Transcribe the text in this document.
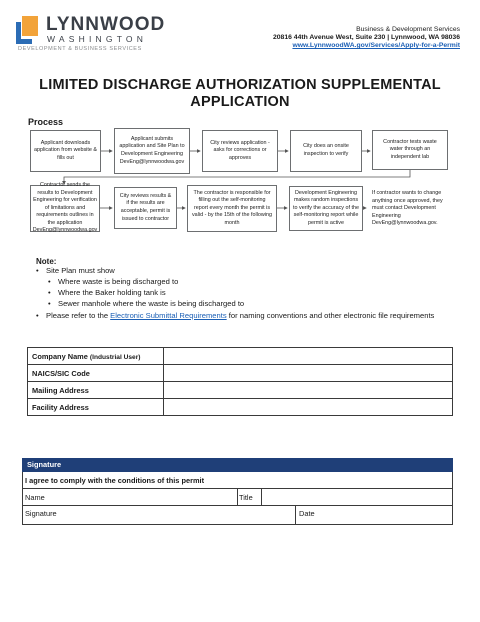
LYNNWOOD
WASHINGTON
DEVELOPMENT & BUSINESS SERVICES
Business & Development Services
20816 44th Avenue West, Suite 230 | Lynnwood, WA 98036
www.LynnwoodWA.gov/Services/Apply-for-a-Permit
LIMITED DISCHARGE AUTHORIZATION SUPPLEMENTAL APPLICATION
Process
Applicant downloads application from website & fills out
Applicant submits application and Site Plan to Development Engineering DevEng@lynnwoodwa.gov
City reviews application - asks for corrections or approves
City does an onsite inspection to verify
Contractor tests waste water through an independent lab
Contractor sends the results to Development Engineering for verification of limitations and requirements outlines in the application DevEng@lynnwoodwa.gov
City reviews results & if the results are acceptable, permit is issued to contractor
The contractor is responsible for filling out the self-monitoring report every month the permit is valid - by the 15th of the following month
Development Engineering makes random inspections to verify the accuracy of the self-monitoring report while permit is active
If contractor wants to change anything once approved, they must contact Development Engineering DevEng@lynnwoodwa.gov.
Note:
• Site Plan must show
• Where waste is being discharged to
• Where the Baker holding tank is
• Sewer manhole where the waste is being discharged to
• Please refer to the Electronic Submittal Requirements for naming conventions and other electronic file requirements
Company Name (Industrial User)	
NAICS/SIC Code	
Mailing Address	
Facility Address	
Signature
I agree to comply with the conditions of this permit
Name	Title
Signature	Date
